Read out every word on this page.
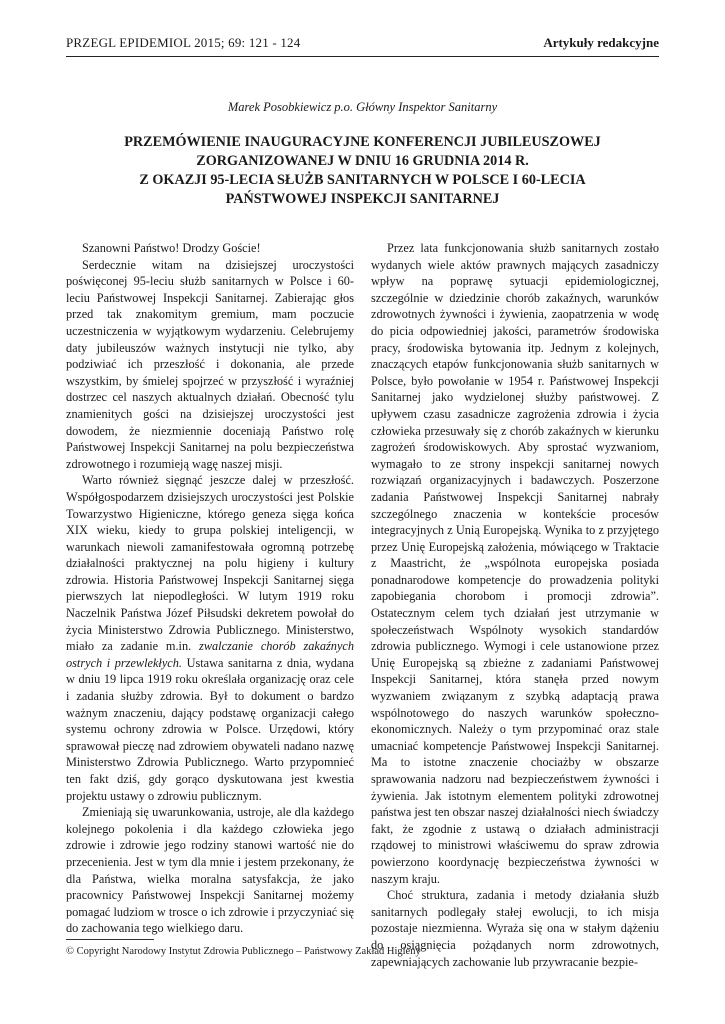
PRZEGL EPIDEMIOL 2015; 69: 121 - 124	Artykuły redakcyjne
Marek Posobkiewicz p.o. Główny Inspektor Sanitarny
PRZEMÓWIENIE INAUGURACYJNE KONFERENCJI JUBILEUSZOWEJ
ZORGANIZOWANEJ W DNIU 16 GRUDNIA 2014 R.
Z OKAZJI 95-LECIA SŁUŻB SANITARNYCH W POLSCE I 60-LECIA
PAŃSTWOWEJ INSPEKCJI SANITARNEJ

Szanowni Państwo! Drodzy Goście!

Serdecznie witam na dzisiejszej uroczystości poświęconej 95-leciu służb sanitarnych w Polsce i 60-leciu Państwowej Inspekcji Sanitarnej. Zabierając głos przed tak znakomitym gremium, mam poczucie uczestniczenia w wyjątkowym wydarzeniu. Celebrujemy daty jubileuszów ważnych instytucji nie tylko, aby podziwiać ich przeszłość i dokonania, ale przede wszystkim, by śmielej spojrzeć w przyszłość i wyraźniej dostrzec cel naszych aktualnych działań. Obecność tylu znamienitych gości na dzisiejszej uroczystości jest dowodem, że niezmiennie doceniają Państwo rolę Państwowej Inspekcji Sanitarnej na polu bezpieczeństwa zdrowotnego i rozumieją wagę naszej misji.

Warto również sięgnąć jeszcze dalej w przeszłość. Współgospodarzem dzisiejszych uroczystości jest Polskie Towarzystwo Higieniczne, którego geneza sięga końca XIX wieku, kiedy to grupa polskiej inteligencji, w warunkach niewoli zamanifestowała ogromną potrzebę działalności praktycznej na polu higieny i kultury zdrowia. Historia Państwowej Inspekcji Sanitarnej sięga pierwszych lat niepodległości. W lutym 1919 roku Naczelnik Państwa Józef Piłsudski dekretem powołał do życia Ministerstwo Zdrowia Publicznego. Ministerstwo, miało za zadanie m.in. zwalczanie chorób zakaźnych ostrych i przewlekłych. Ustawa sanitarna z dnia, wydana w dniu 19 lipca 1919 roku określała organizację oraz cele i zadania służby zdrowia. Był to dokument o bardzo ważnym znaczeniu, dający podstawę organizacji całego systemu ochrony zdrowia w Polsce. Urzędowi, który sprawował pieczę nad zdrowiem obywateli nadano nazwę Ministerstwo Zdrowia Publicznego. Warto przypomnieć ten fakt dziś, gdy gorąco dyskutowana jest kwestia projektu ustawy o zdrowiu publicznym.

Zmieniają się uwarunkowania, ustroje, ale dla każdego kolejnego pokolenia i dla każdego człowieka jego zdrowie i zdrowie jego rodziny stanowi wartość nie do przecenienia. Jest w tym dla mnie i jestem przekonany, że dla Państwa, wielka moralna satysfakcja, że jako pracownicy Państwowej Inspekcji Sanitarnej możemy pomagać ludziom w trosce o ich zdrowie i przyczyniać się do zachowania tego wielkiego daru.

Przez lata funkcjonowania służb sanitarnych zostało wydanych wiele aktów prawnych mających zasadniczy wpływ na poprawę sytuacji epidemiologicznej, szczególnie w dziedzinie chorób zakaźnych, warunków zdrowotnych żywności i żywienia, zaopatrzenia w wodę do picia odpowiedniej jakości, parametrów środowiska pracy, środowiska bytowania itp. Jednym z kolejnych, znaczących etapów funkcjonowania służb sanitarnych w Polsce, było powołanie w 1954 r. Państwowej Inspekcji Sanitarnej jako wydzielonej służby państwowej. Z upływem czasu zasadnicze zagrożenia zdrowia i życia człowieka przesuwały się z chorób zakaźnych w kierunku zagrożeń środowiskowych. Aby sprostać wyzwaniom, wymagało to ze strony inspekcji sanitarnej nowych rozwiązań organizacyjnych i badawczych. Poszerzone zadania Państwowej Inspekcji Sanitarnej nabrały szczególnego znaczenia w kontekście procesów integracyjnych z Unią Europejską. Wynika to z przyjętego przez Unię Europejską założenia, mówiącego w Traktacie z Maastricht, że „wspólnota europejska posiada ponadnarodowe kompetencje do prowadzenia polityki zapobiegania chorobom i promocji zdrowia”. Ostatecznym celem tych działań jest utrzymanie w społeczeństwach Wspólnoty wysokich standardów zdrowia publicznego. Wymogi i cele ustanowione przez Unię Europejską są zbieżne z zadaniami Państwowej Inspekcji Sanitarnej, która stanęła przed nowym wyzwaniem związanym z szybką adaptacją prawa wspólnotowego do naszych warunków społeczno-ekonomicznych. Należy o tym przypominać oraz stale umacniać kompetencje Państwowej Inspekcji Sanitarnej. Ma to istotne znaczenie chociażby w obszarze sprawowania nadzoru nad bezpieczeństwem żywności i żywienia. Jak istotnym elementem polityki zdrowotnej państwa jest ten obszar naszej działalności niech świadczy fakt, że zgodnie z ustawą o działach administracji rządowej to ministrowi właściwemu do spraw zdrowia powierzono koordynację bezpieczeństwa żywności w naszym kraju.

Choć struktura, zadania i metody działania służb sanitarnych podlegały stałej ewolucji, to ich misja pozostaje niezmienna. Wyraża się ona w stałym dążeniu do osiągnięcia pożądanych norm zdrowotnych, zapewniających zachowanie lub przywracanie bezpie-

© Copyright Narodowy Instytut Zdrowia Publicznego – Państwowy Zakład Higieny
